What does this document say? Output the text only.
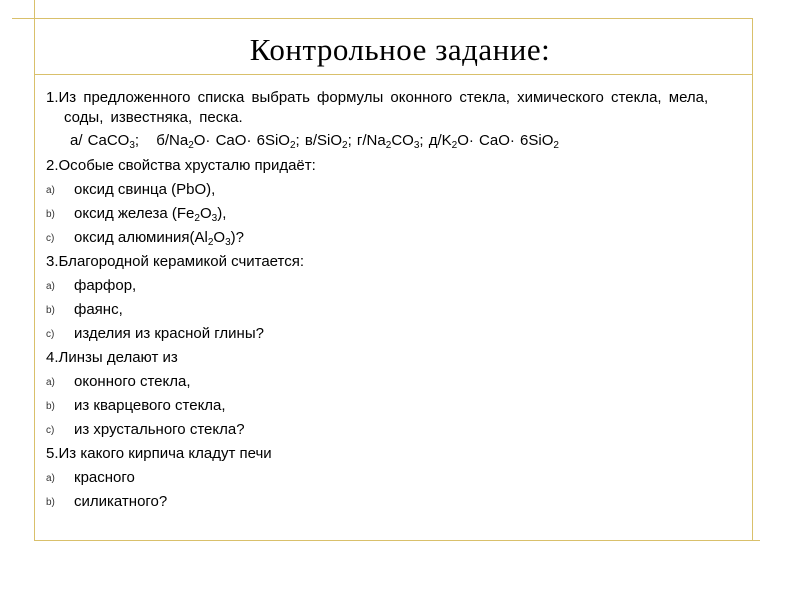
Контрольное задание:
1.Из предложенного списка выбрать формулы оконного стекла, химического стекла, мела, соды, известняка, песка.
а/ CaCO$_3$; $б/Na_2O\cdot CaO\cdot 6SiO_2$; в/SiO$_2$; $г/Na_2CO_3$; $д/K_2O\cdot CaO\cdot 6SiO_2$
2.Особые свойства хрусталю придаёт:
a) оксид свинца (PbO),
b) оксид железа $(Fe_2O_3)$,
c) оксид $алюминия(Al_2O_3)$?
3.Благородной керамикой считается:
a) фарфор,
b) фаянс,
c) изделия из красной глины?
4.Линзы делают из
a) оконного стекла,
b) из кварцевого стекла,
c) из хрустального стекла?
5.Из какого кирпича кладут печи
a) красного
b) силикатного?
